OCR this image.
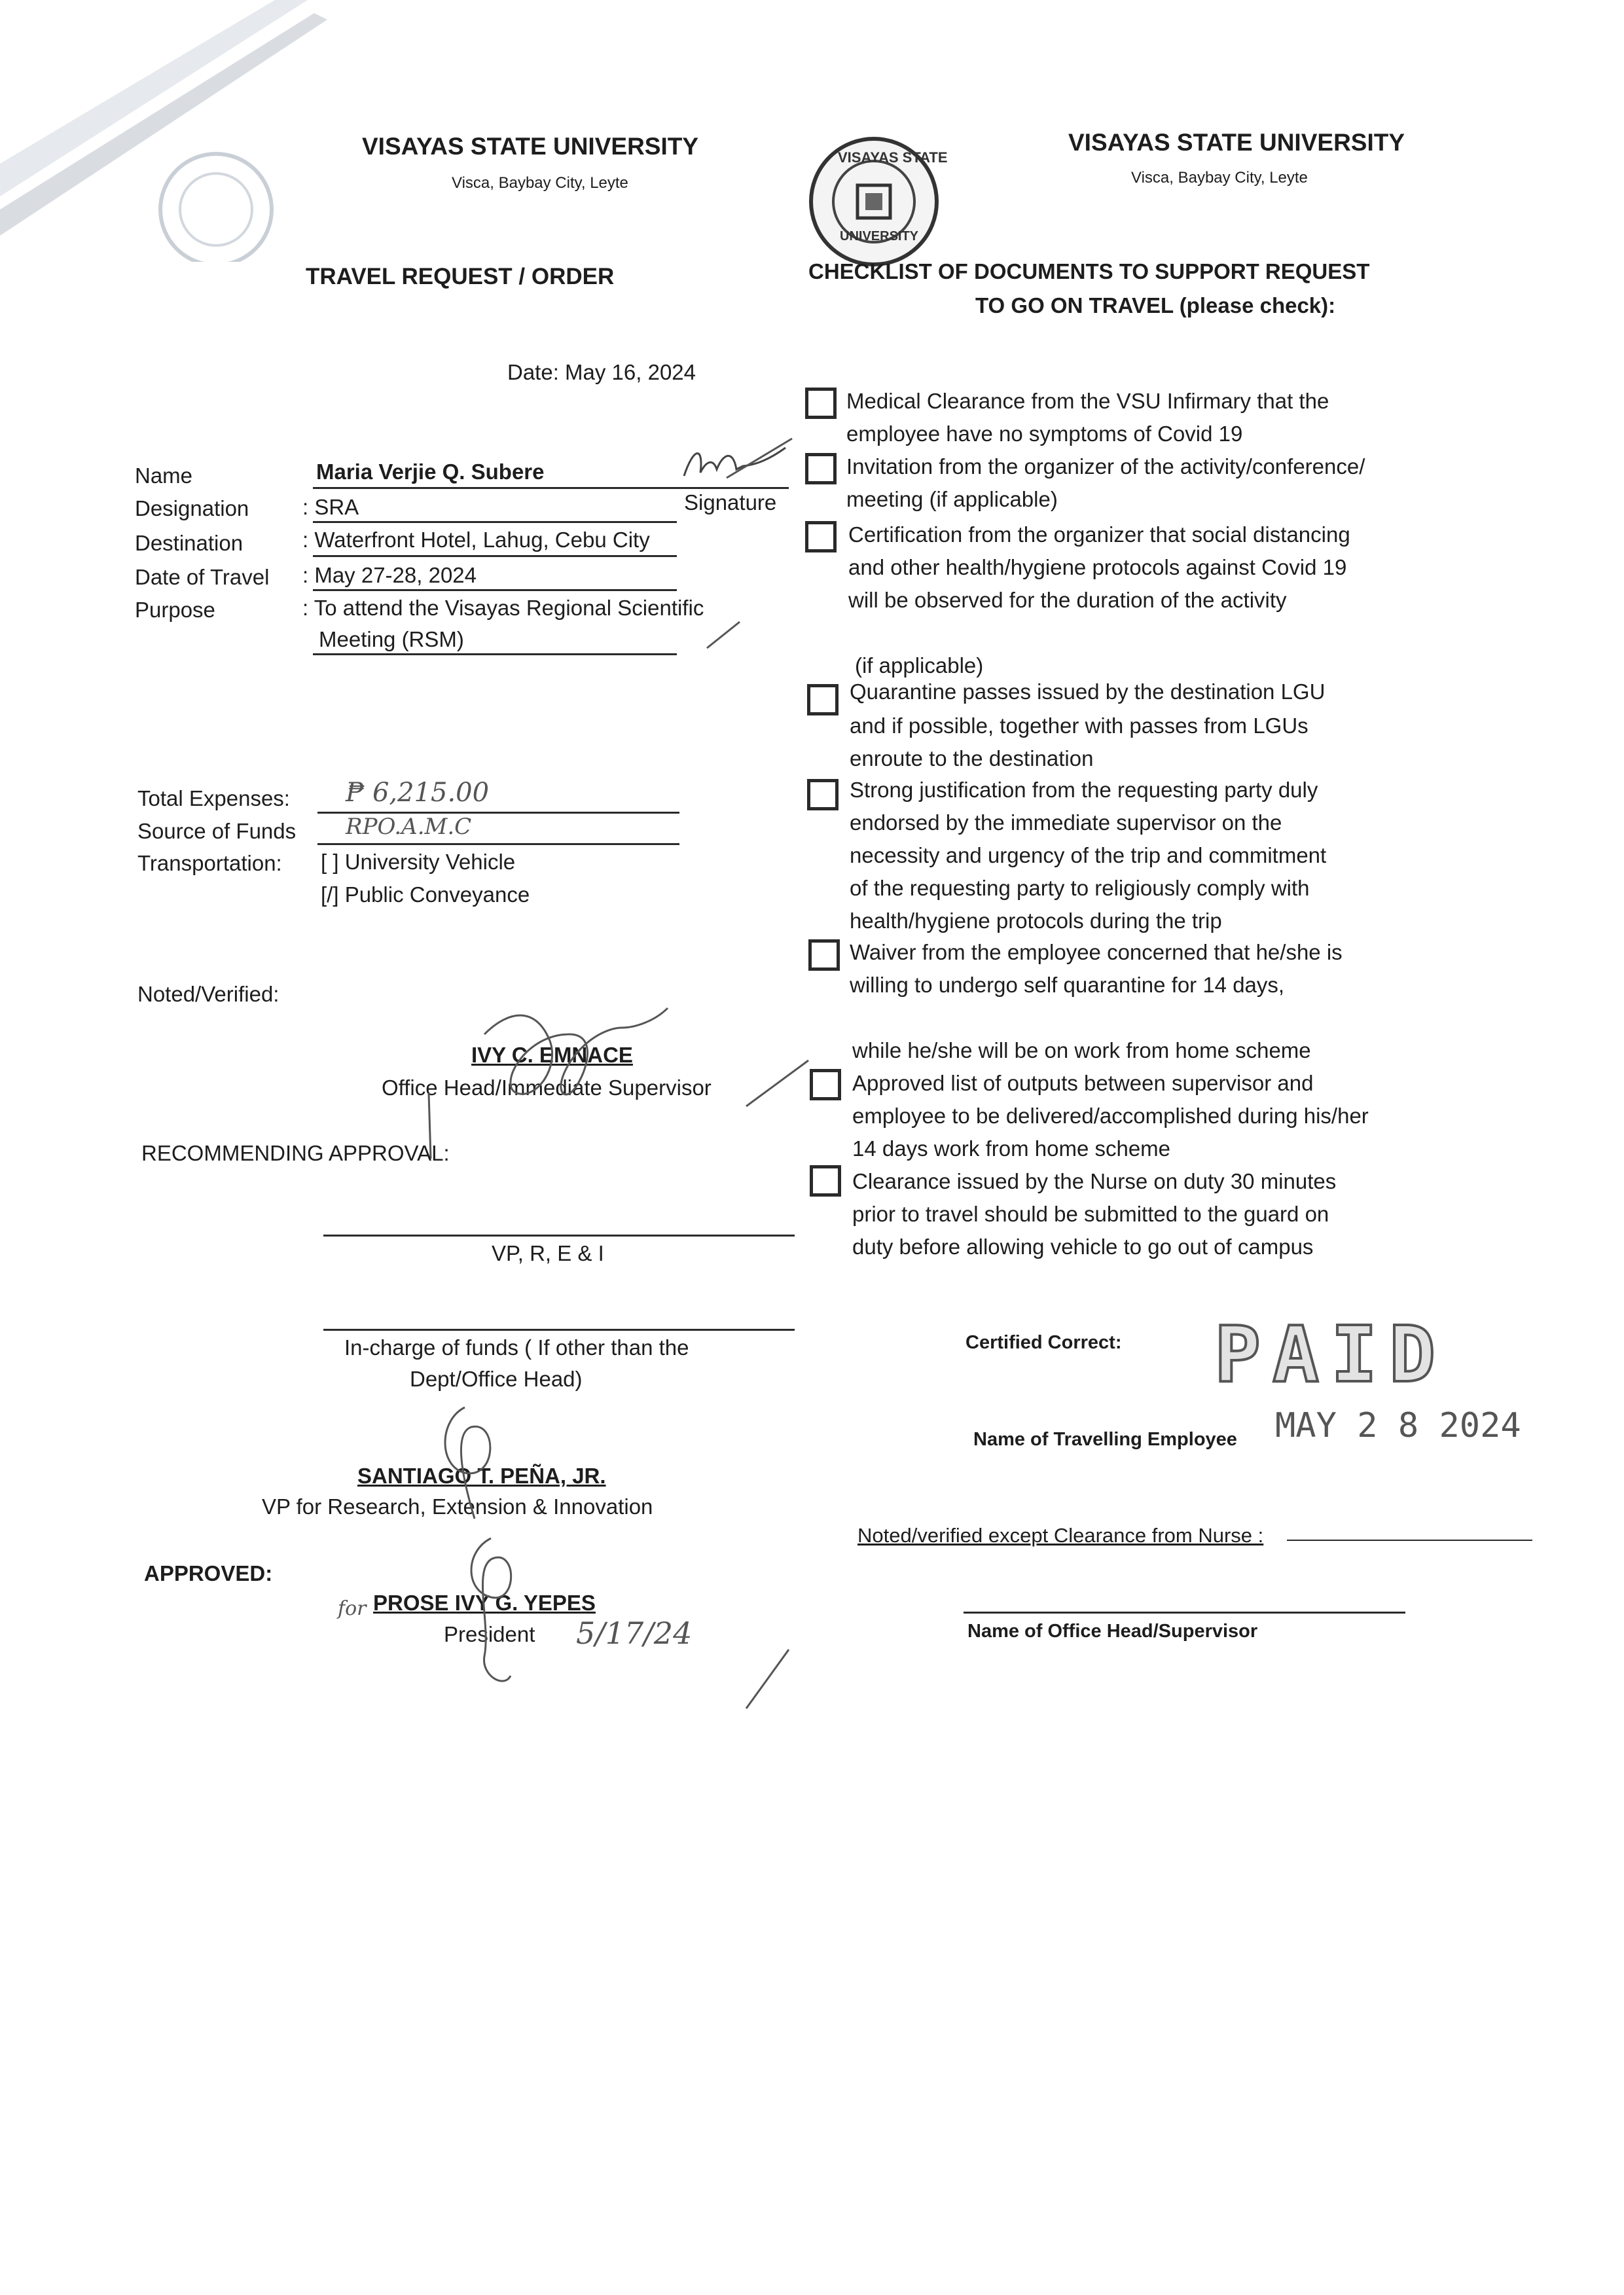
VISAYAS STATE UNIVERSITY
Visca, Baybay City, Leyte
TRAVEL REQUEST / ORDER
Date: May 16, 2024
Name
Designation
Destination
Date of Travel
Purpose
Maria Verjie Q. Subere
Signature
: SRA
: Waterfront Hotel, Lahug, Cebu City
: May 27-28, 2024
: To attend the Visayas Regional Scientific
Meeting (RSM)
Total Expenses: ₱ 6,215.00
Source of Funds RPO.A.M.C
Transportation: [ ] University Vehicle
[/] Public Conveyance
Noted/Verified:
IVY C. EMNACE
Office Head/Immediate Supervisor
RECOMMENDING APPROVAL:
VP, R, E & I
In-charge of funds ( If other than the
Dept/Office Head)
SANTIAGO T. PEÑA, JR.
VP for Research, Extension & Innovation
APPROVED:
for PROSE IVY G. YEPES
President 5/17/24
VISAYAS STATE
UNIVERSITY
VISAYAS STATE UNIVERSITY
Visca, Baybay City, Leyte
CHECKLIST OF DOCUMENTS TO SUPPORT REQUEST
TO GO ON TRAVEL (please check):
Medical Clearance from the VSU Infirmary that the
employee have no symptoms of Covid 19
Invitation from the organizer of the activity/conference/
meeting (if applicable)
Certification from the organizer that social distancing
and other health/hygiene protocols against Covid 19
will be observed for the duration of the activity
(if applicable)
Quarantine passes issued by the destination LGU
and if possible, together with passes from LGUs
enroute to the destination
Strong justification from the requesting party duly
endorsed by the immediate supervisor on the
necessity and urgency of the trip and commitment
of the requesting party to religiously comply with
health/hygiene protocols during the trip
Waiver from the employee concerned that he/she is
willing to undergo self quarantine for 14 days,
while he/she will be on work from home scheme
Approved list of outputs between supervisor and
employee to be delivered/accomplished during his/her
14 days work from home scheme
Clearance issued by the Nurse on duty 30 minutes
prior to travel should be submitted to the guard on
duty before allowing vehicle to go out of campus
Certified Correct:
Name of Travelling Employee
PAID
MAY 2 8 2024
Noted/verified except Clearance from Nurse :
Name of Office Head/Supervisor
